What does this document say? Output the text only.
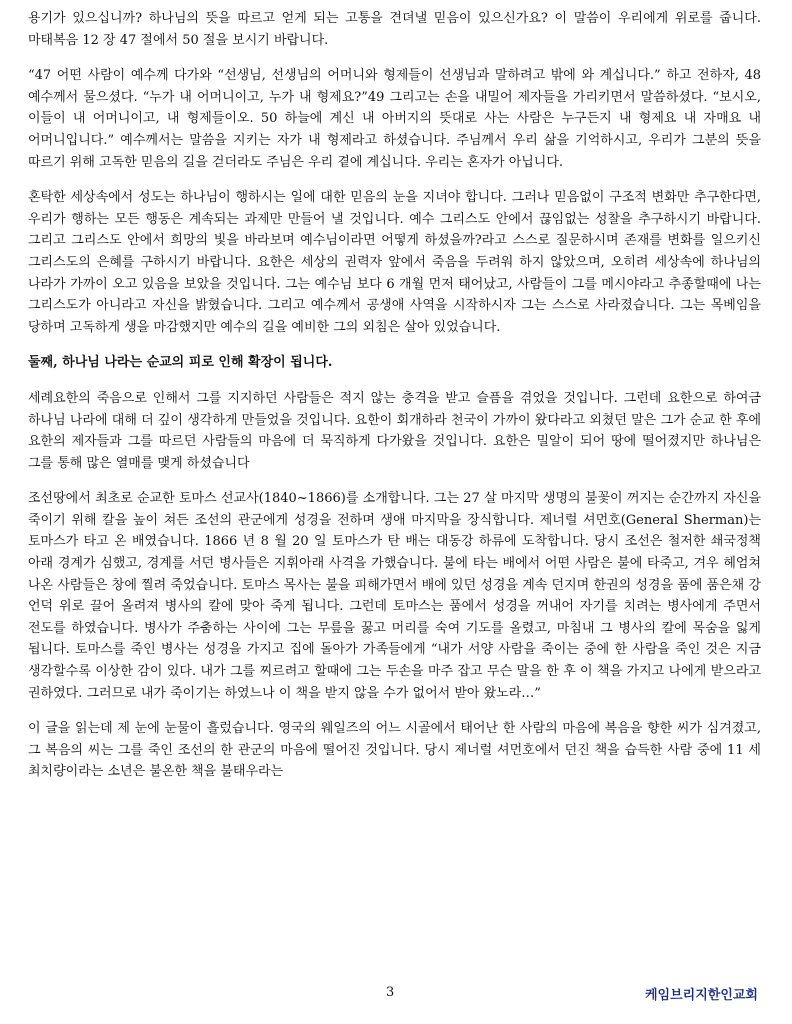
용기가 있으십니까? 하나님의 뜻을 따르고 얻게 되는 고통을 견뎌낼 믿음이 있으신가요? 이 말씀이 우리에게 위로를 줍니다. 마태복음 12 장 47 절에서 50 절을 보시기 바랍니다.

“47 어떤 사람이 예수께 다가와 “선생님, 선생님의 어머니와 형제들이 선생님과 말하려고 밖에 와 계십니다.” 하고 전하자, 48 예수께서 물으셨다. “누가 내 어머니이고, 누가 내 형제요?”49 그리고는 손을 내밀어 제자들을 가리키면서 말씀하셨다. “보시오, 이들이 내 어머니이고, 내 형제들이오. 50 하늘에 계신 내 아버지의 뜻대로 사는 사람은 누구든지 내 형제요 내 자매요 내 어머니입니다.” 예수께서는 말씀을 지키는 자가 내 형제라고 하셨습니다. 주님께서 우리 삶을 기억하시고, 우리가 그분의 뜻을 따르기 위해 고독한 믿음의 길을 걷더라도 주님은 우리 곁에 계십니다. 우리는 혼자가 아닙니다.

혼탁한 세상속에서 성도는 하나님이 행하시는 일에 대한 믿음의 눈을 지녀야 합니다. 그러나 믿음없이 구조적 변화만 추구한다면, 우리가 행하는 모든 행동은 계속되는 과제만 만들어 낼 것입니다. 예수 그리스도 안에서 끊임없는 성찰을 추구하시기 바랍니다. 그리고 그리스도 안에서 희망의 빛을 바라보며 예수님이라면 어떻게 하셨을까?라고 스스로 질문하시며 존재를 변화를 일으키신 그리스도의 은혜를 구하시기 바랍니다. 요한은 세상의 권력자 앞에서 죽음을 두려워 하지 않았으며, 오히려 세상속에 하나님의 나라가 가까이 오고 있음을 보았을 것입니다. 그는 예수님 보다 6 개월 먼저 태어났고, 사람들이 그를 메시야라고 추종할때에 나는 그리스도가 아니라고 자신을 밝혔습니다. 그리고 예수께서 공생애 사역을 시작하시자 그는 스스로 사라졌습니다. 그는 목베임을 당하며 고독하게 생을 마감했지만 예수의 길을 예비한 그의 외침은 살아 있었습니다.

둘째, 하나님 나라는 순교의 피로 인해 확장이 됩니다.

세례요한의 죽음으로 인해서 그를 지지하던 사람들은 적지 않는 충격을 받고 슬픔을 겪었을 것입니다. 그런데 요한으로 하여금 하나님 나라에 대해 더 깊이 생각하게 만들었을 것입니다. 요한이 회개하라 천국이 가까이 왔다라고 외쳤던 말은 그가 순교 한 후에 요한의 제자들과 그를 따르던 사람들의 마음에 더 묵직하게 다가왔을 것입니다. 요한은 밀알이 되어 땅에 떨어졌지만 하나님은 그를 통해 많은 열매를 맺게 하셨습니다

조선땅에서 최초로 순교한 토마스 선교사(1840~1866)를 소개합니다. 그는 27 살 마지막 생명의 불꽃이 꺼지는 순간까지 자신을 죽이기 위해 칼을 높이 쳐든 조선의 관군에게 성경을 전하며 생애 마지막을 장식합니다. 제너럴 셔먼호(General Sherman)는 토마스가 타고 온 배였습니다. 1866 년 8 월 20 일 토마스가 탄 배는 대동강 하류에 도착합니다. 당시 조선은 철저한 쇄국정책 아래 경계가 심했고, 경계를 서던 병사들은 지휘아래 사격을 가했습니다. 불에 타는 배에서 어떤 사람은 불에 타죽고, 겨우 헤엄쳐 나온 사람들은 창에 찔려 죽었습니다. 토마스 목사는 불을 피해가면서 배에 있던 성경을 계속 던지며 한권의 성경을 품에 품은채 강 언덕 위로 끌어 올려져 병사의 칼에 맞아 죽게 됩니다. 그런데 토마스는 품에서 성경을 꺼내어 자기를 치려는 병사에게 주면서 전도를 하였습니다. 병사가 주춤하는 사이에 그는 무릎을 꿇고 머리를 숙여 기도를 올렸고, 마침내 그 병사의 칼에 목숨을 잃게 됩니다. 토마스를 죽인 병사는 성경을 가지고 집에 돌아가 가족들에게 “내가 서양 사람을 죽이는 중에 한 사람을 죽인 것은 지금 생각할수록 이상한 감이 있다. 내가 그를 찌르려고 할때에 그는 두손을 마주 잡고 무슨 말을 한 후 이 책을 가지고 나에게 받으라고 권하였다. 그러므로 내가 죽이기는 하였느나 이 책을 받지 않을 수가 없어서 받아 왔노라…”

이 글을 읽는데 제 눈에 눈물이 흘렀습니다. 영국의 웨일즈의 어느 시골에서 태어난 한 사람의 마음에 복음을 향한 씨가 심겨졌고, 그 복음의 씨는 그를 죽인 조선의 한 관군의 마음에 떨어진 것입니다. 당시 제너럴 셔먼호에서 던진 책을 습득한 사람 중에 11 세 최치량이라는 소년은 불온한 책을 불태우라는

3	케임브리지한인교회
